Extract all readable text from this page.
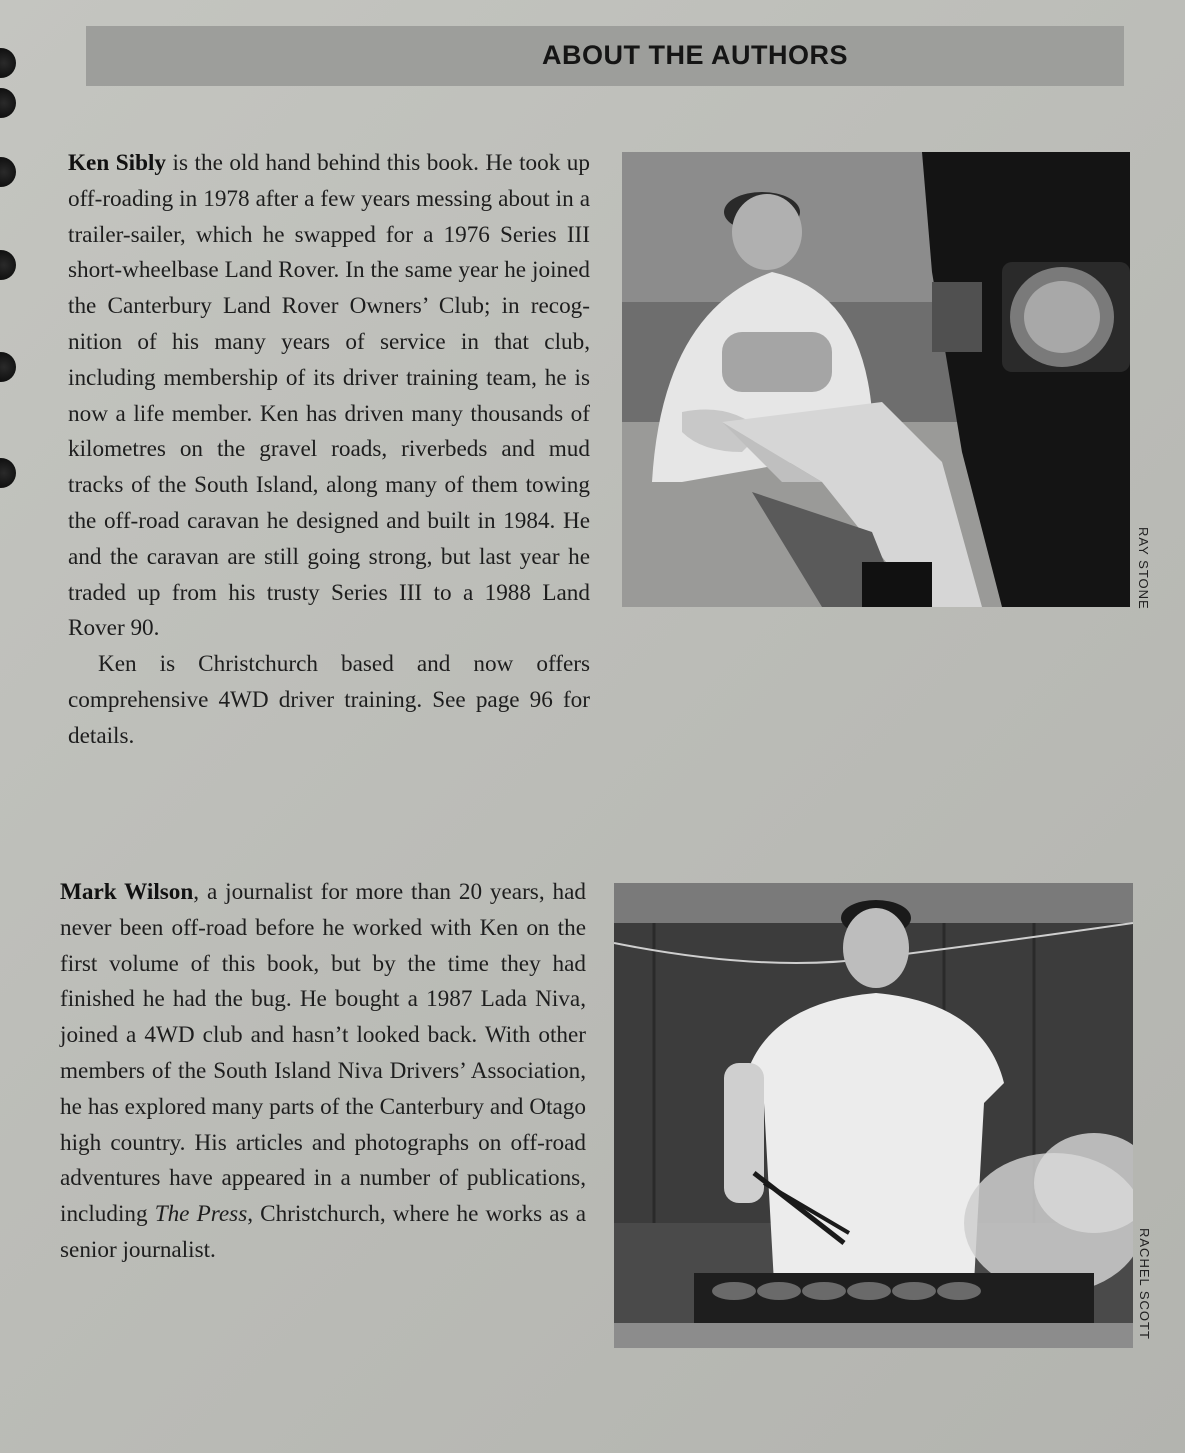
ABOUT THE AUTHORS

Ken Sibly is the old hand behind this book. He took up off-roading in 1978 after a few years messing about in a trailer-sailer, which he swapped for a 1976 Series III short-wheelbase Land Rover. In the same year he joined the Canterbury Land Rover Owners’ Club; in recognition of his many years of service in that club, including membership of its driver training team, he is now a life member. Ken has driven many thousands of kilometres on the gravel roads, riverbeds and mud tracks of the South Island, along many of them towing the off-road caravan he designed and built in 1984. He and the caravan are still going strong, but last year he traded up from his trusty Series III to a 1988 Land Rover 90.

Ken is Christchurch based and now offers comprehensive 4WD driver training. See page 96 for details.

RAY STONE

Mark Wilson, a journalist for more than 20 years, had never been off-road before he worked with Ken on the first volume of this book, but by the time they had finished he had the bug. He bought a 1987 Lada Niva, joined a 4WD club and hasn’t looked back. With other members of the South Island Niva Drivers’ Association, he has explored many parts of the Canterbury and Otago high country. His articles and photographs on off-road adventures have appeared in a number of publications, including The Press, Christchurch, where he works as a senior journalist.	RACHEL SCOTT
